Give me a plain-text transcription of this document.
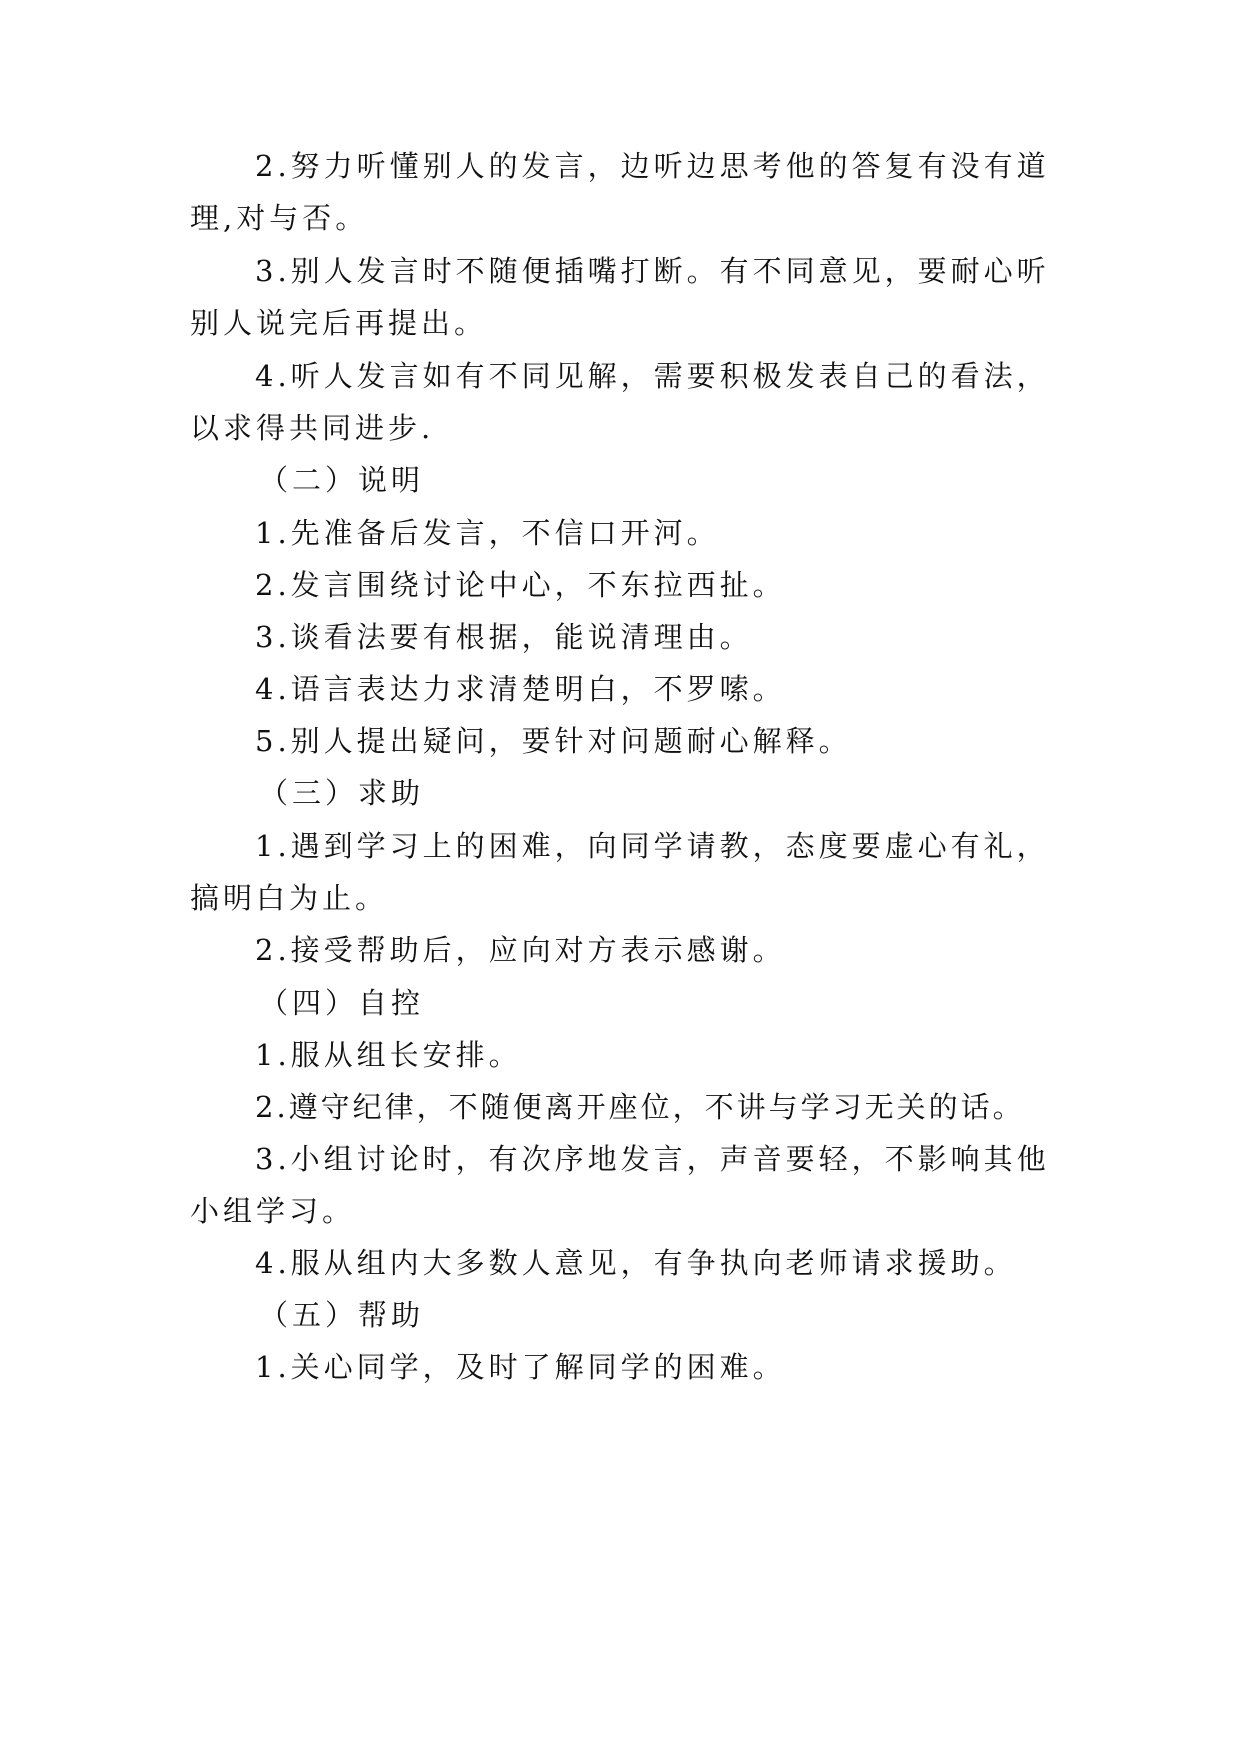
2.努力听懂别人的发言，边听边思考他的答复有没有道
理,对与否。
3.别人发言时不随便插嘴打断。有不同意见，要耐心听
别人说完后再提出。
4.听人发言如有不同见解，需要积极发表自己的看法，
以求得共同进步.
（二）说明
1.先准备后发言，不信口开河。
2.发言围绕讨论中心，不东拉西扯。
3.谈看法要有根据，能说清理由。
4.语言表达力求清楚明白，不罗嗦。
5.别人提出疑问，要针对问题耐心解释。
（三）求助
1.遇到学习上的困难，向同学请教，态度要虚心有礼，
搞明白为止。
2.接受帮助后，应向对方表示感谢。
（四）自控
1.服从组长安排。
2.遵守纪律，不随便离开座位，不讲与学习无关的话。
3.小组讨论时，有次序地发言，声音要轻，不影响其他
小组学习。
4.服从组内大多数人意见，有争执向老师请求援助。
（五）帮助
1.关心同学，及时了解同学的困难。
